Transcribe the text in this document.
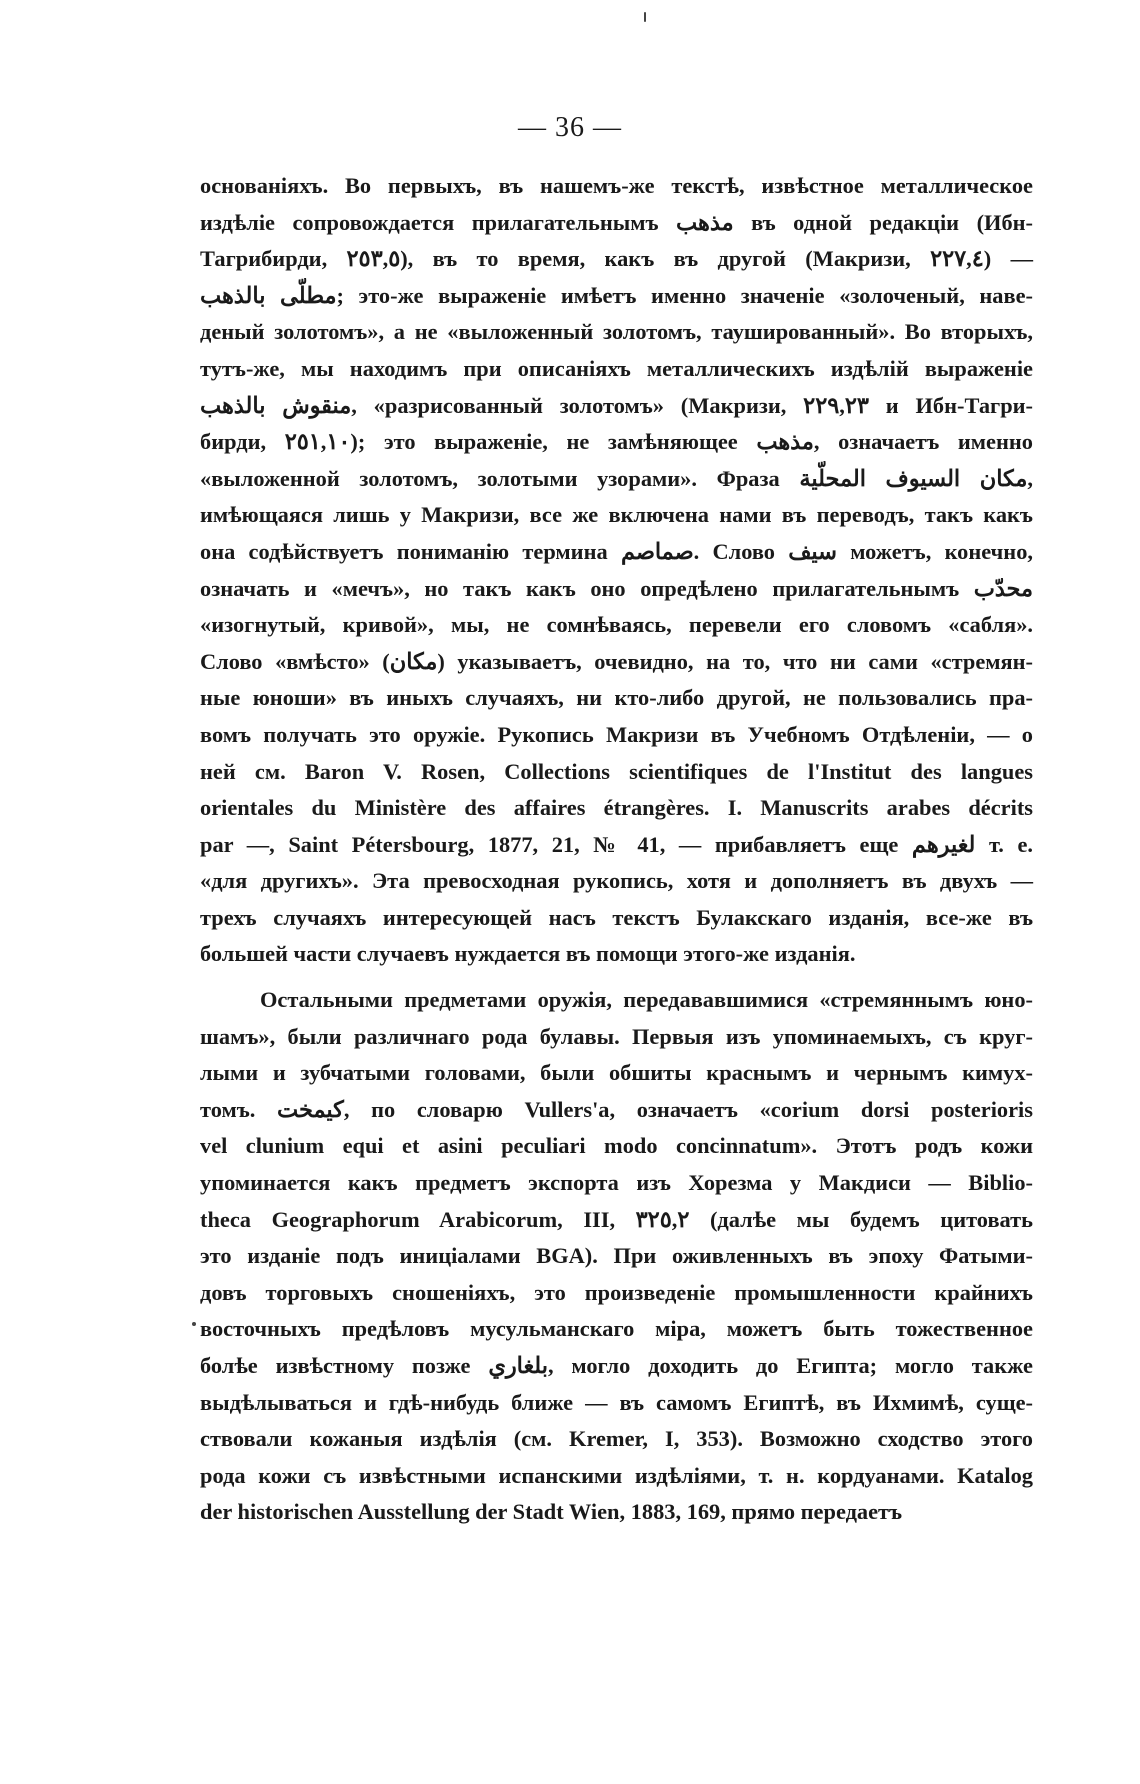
— 36 —
основаніяхъ. Во первыхъ, въ нашемъ-же текстѣ, извѣстное металлическое
издѣліе сопровождается прилагательнымъ مذهب въ одной редакціи (Ибн-
Тагрибирди, ٢٥٣,٥), въ то время, какъ въ другой (Макризи, ٢٢٧,٤) —
مطلّى بالذهب; это-же выраженіе имѣетъ именно значеніе «золоченый, наве-
деный золотомъ», а не «выложенный золотомъ, таушированный». Во вторыхъ,
тутъ-же, мы находимъ при описаніяхъ металлическихъ издѣлій выраженіе
منقوش بالذهب, «разрисованный золотомъ» (Макризи, ٢٢٩,٢٣ и Ибн-Тагри-
бирди, ٢٥١,١٠); это выраженіе, не замѣняющее مذهب, означаетъ именно
«выложенной золотомъ, золотыми узорами». Фраза مكان السيوف المحلّية,
имѣющаяся лишь у Макризи, все же включена нами въ переводъ, такъ какъ
она содѣйствуетъ пониманію термина صماصم. Слово سيف можетъ, конечно,
означать и «мечъ», но такъ какъ оно опредѣлено прилагательнымъ محدّب
«изогнутый, кривой», мы, не сомнѣваясь, перевели его словомъ «сабля».
Слово «вмѣсто» (مكان) указываетъ, очевидно, на то, что ни сами «стремян-
ные юноши» въ иныхъ случаяхъ, ни кто-либо другой, не пользовались пра-
вомъ получать это оружіе. Рукопись Макризи въ Учебномъ Отдѣленіи, — о
ней см. Baron V. Rosen, Collections scientifiques de l'Institut des langues
orientales du Ministère des affaires étrangères. I. Manuscrits arabes décrits
par —, Saint Pétersbourg, 1877, 21, № 41, — прибавляетъ еще لغيرهم т. е.
«для другихъ». Эта превосходная рукопись, хотя и дополняетъ въ двухъ —
трехъ случаяхъ интересующей насъ текстъ Булакскаго изданія, все-же въ
большей части случаевъ нуждается въ помощи этого-же изданія.
Остальными предметами оружія, передававшимися «стремяннымъ юно-
шамъ», были различнаго рода булавы. Первыя изъ упоминаемыхъ, съ круг-
лыми и зубчатыми головами, были обшиты краснымъ и чернымъ кимух-
томъ. كيمخت, по словарю Vullers'a, означаетъ «corium dorsi posterioris
vel clunium equi et asini peculiari modo concinnatum». Этотъ родъ кожи
упоминается какъ предметъ экспорта изъ Хорезма у Макдиси — Biblio-
theca Geographorum Arabicorum, III, ٣٢٥,٢ (далѣе мы будемъ цитовать
это изданіе подъ иниціалами BGA). При оживленныхъ въ эпоху Фатыми-
довъ торговыхъ сношеніяхъ, это произведеніе промышленности крайнихъ
восточныхъ предѣловъ мусульманскаго міра, можетъ быть тожественное
болѣе извѣстному позже بلغاري, могло доходить до Египта; могло также
выдѣлываться и гдѣ-нибудь ближе — въ самомъ Египтѣ, въ Ихмимѣ, суще-
ствовали кожаныя издѣлія (см. Kremer, I, 353). Возможно сходство этого
рода кожи съ извѣстными испанскими издѣліями, т. н. кордуанами. Katalog
der historischen Ausstellung der Stadt Wien, 1883, 169, прямо передаетъ
